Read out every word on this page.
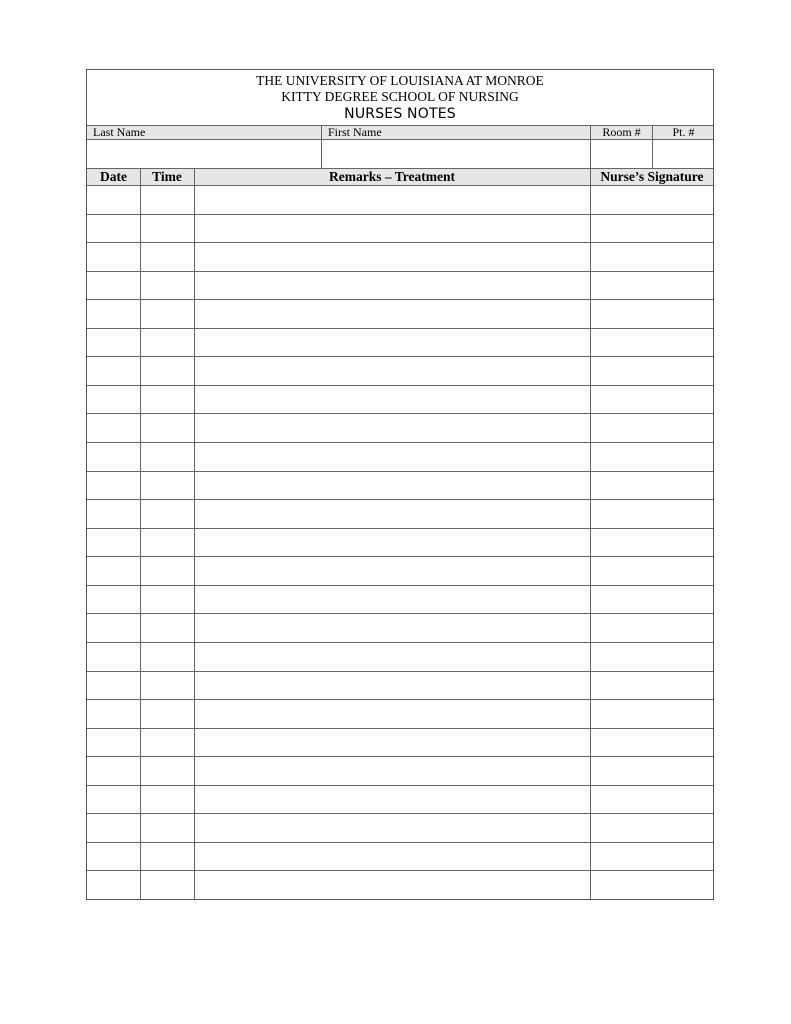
THE UNIVERSITY OF LOUISIANA AT MONROE
KITTY DEGREE SCHOOL OF NURSING
NURSES NOTES
Last Name	First Name	Room #	Pt. #
Date	Time	Remarks – Treatment	Nurse’s Signature
